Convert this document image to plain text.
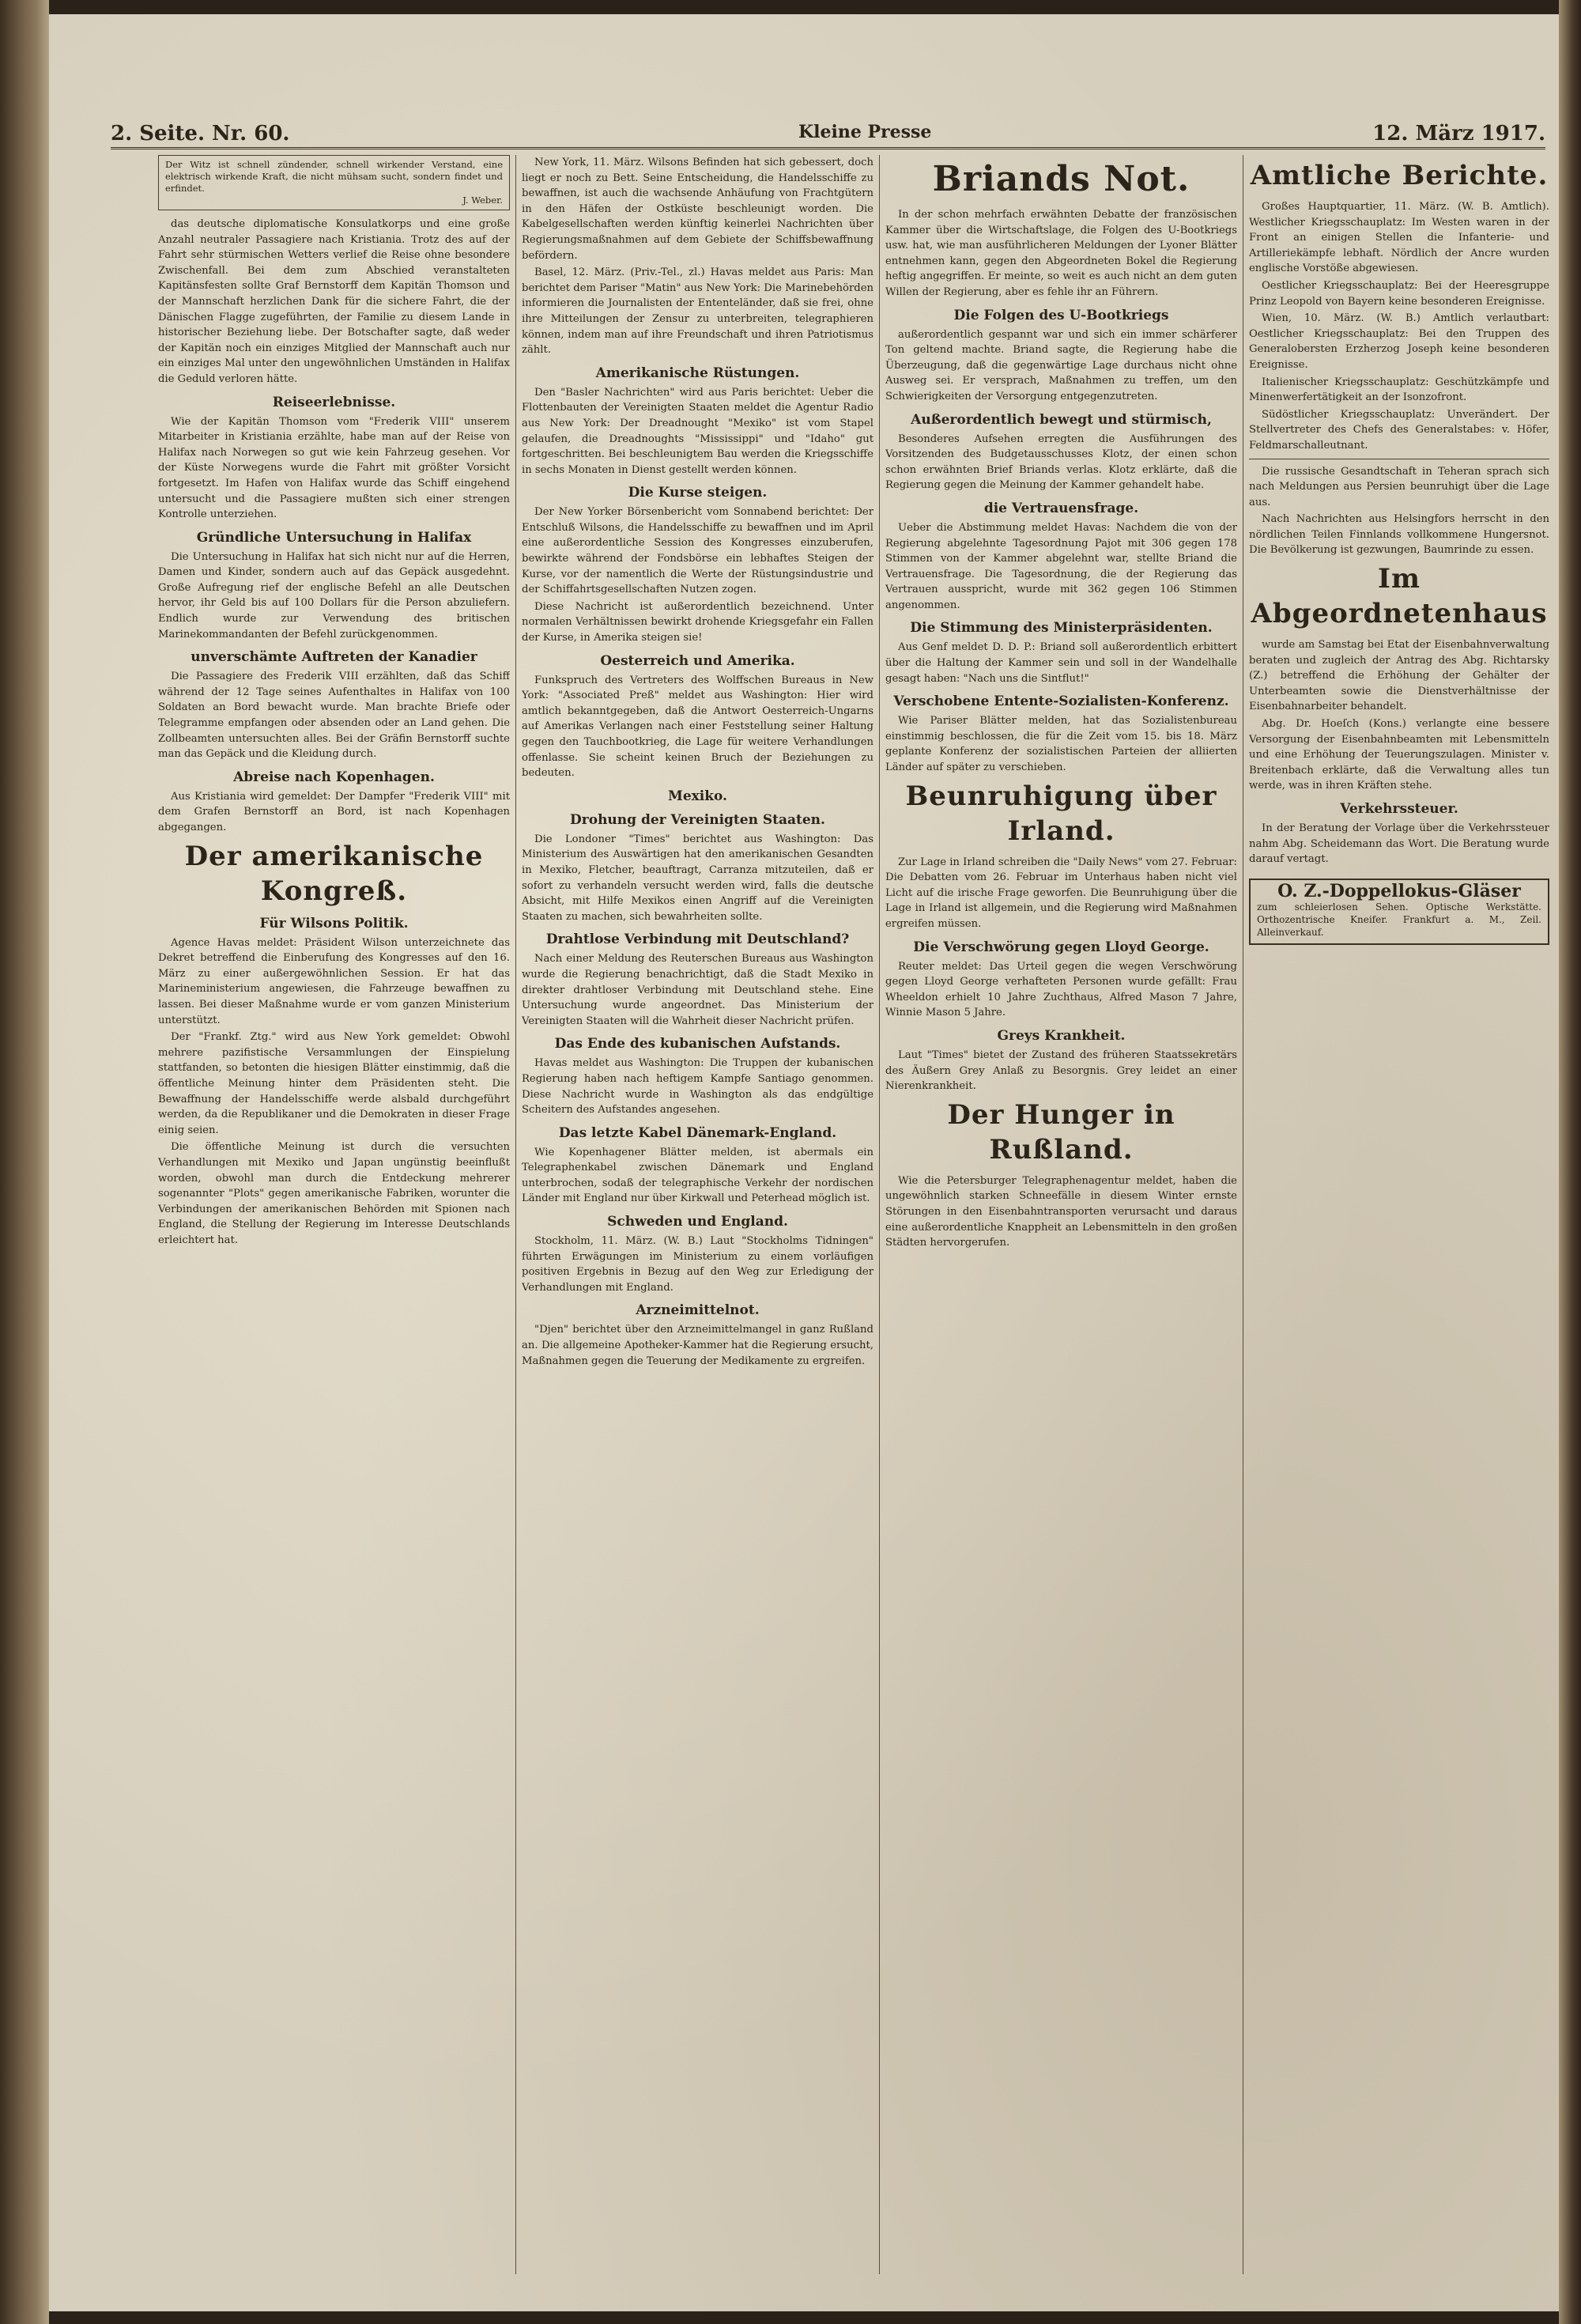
2. Seite. Nr. 60.	Kleine Presse	12. März 1917.
Der Witz ist schnell zündender, schnell wirkender Verstand, eine elektrisch wirkende Kraft, die nicht mühsam sucht, sondern findet und erfindet.
J. Weber.

das deutsche diplomatische Konsulatkorps und eine große Anzahl neutraler Passagiere nach Kristiania. Trotz des auf der Fahrt sehr stürmischen Wetters verlief die Reise ohne besondere Zwischenfall. Bei dem zum Abschied veranstalteten Kapitänsfesten sollte Graf Bernstorff dem Kapitän Thomson und der Mannschaft herzlichen Dank für die sichere Fahrt, die der Dänischen Flagge zugeführten, der Familie zu diesem Lande in historischer Beziehung liebe. Der Botschafter sagte, daß weder der Kapitän noch ein einziges Mitglied der Mannschaft auch nur ein einziges Mal unter den ungewöhnlichen Umständen in Halifax die Geduld verloren hätte.

Reiseerlebnisse.

Wie der Kapitän Thomson vom "Frederik VIII" unserem Mitarbeiter in Kristiania erzählte, habe man auf der Reise von Halifax nach Norwegen so gut wie kein Fahrzeug gesehen. Vor der Küste Norwegens wurde die Fahrt mit größter Vorsicht fortgesetzt. Im Hafen von Halifax wurde das Schiff eingehend untersucht und die Passagiere mußten sich einer strengen Kontrolle unterziehen.

Gründliche Untersuchung in Halifax

Die Untersuchung in Halifax hat sich nicht nur auf die Herren, Damen und Kinder, sondern auch auf das Gepäck ausgedehnt. Große Aufregung rief der englische Befehl an alle Deutschen hervor, ihr Geld bis auf 100 Dollars für die Person abzuliefern. Endlich wurde zur Verwendung des britischen Marinekommandanten der Befehl zurückgenommen.

unverschämte Auftreten der Kanadier

Die Passagiere des Frederik VIII erzählten, daß das Schiff während der 12 Tage seines Aufenthaltes in Halifax von 100 Soldaten an Bord bewacht wurde. Man brachte Briefe oder Telegramme empfangen oder absenden oder an Land gehen. Die Zollbeamten untersuchten alles. Bei der Gräfin Bernstorff suchte man das Gepäck und die Kleidung durch.

Abreise nach Kopenhagen.

Aus Kristiania wird gemeldet: Der Dampfer "Frederik VIII" mit dem Grafen Bernstorff an Bord, ist nach Kopenhagen abgegangen.

Der amerikanische Kongreß.
Für Wilsons Politik.

Agence Havas meldet: Präsident Wilson unterzeichnete das Dekret betreffend die Einberufung des Kongresses auf den 16. März zu einer außergewöhnlichen Session. Er hat das Marineministerium angewiesen, die Fahrzeuge bewaffnen zu lassen. Bei dieser Maßnahme wurde er vom ganzen Ministerium unterstützt.

Der "Frankf. Ztg." wird aus New York gemeldet: Obwohl mehrere pazifistische Versammlungen der Einspielung stattfanden, so betonten die hiesigen Blätter einstimmig, daß die öffentliche Meinung hinter dem Präsidenten steht. Die Bewaffnung der Handelsschiffe werde alsbald durchgeführt werden, da die Republikaner und die Demokraten in dieser Frage einig seien.

Die öffentliche Meinung ist durch die versuchten Verhandlungen mit Mexiko und Japan ungünstig beeinflußt worden, obwohl man durch die Entdeckung mehrerer sogenannter "Plots" gegen amerikanische Fabriken, worunter die Verbindungen der amerikanischen Behörden mit Spionen nach England, die Stellung der Regierung im Interesse Deutschlands erleichtert hat.

New York, 11. März. Wilsons Befinden hat sich gebessert, doch liegt er noch zu Bett. Seine Entscheidung, die Handelsschiffe zu bewaffnen, ist auch die wachsende Anhäufung von Frachtgütern in den Häfen der Ostküste beschleunigt worden. Die Kabelgesellschaften werden künftig keinerlei Nachrichten über Regierungsmaßnahmen auf dem Gebiete der Schiffsbewaffnung befördern.

Basel, 12. März. (Priv.-Tel., zl.) Havas meldet aus Paris: Man berichtet dem Pariser "Matin" aus New York: Die Marinebehörden informieren die Journalisten der Ententeländer, daß sie frei, ohne ihre Mitteilungen der Zensur zu unterbreiten, telegraphieren können, indem man auf ihre Freundschaft und ihren Patriotismus zählt.

Amerikanische Rüstungen.

Den "Basler Nachrichten" wird aus Paris berichtet: Ueber die Flottenbauten der Vereinigten Staaten meldet die Agentur Radio aus New York: Der Dreadnought "Mexiko" ist vom Stapel gelaufen, die Dreadnoughts "Mississippi" und "Idaho" gut fortgeschritten. Bei beschleunigtem Bau werden die Kriegsschiffe in sechs Monaten in Dienst gestellt werden können.

Die Kurse steigen.

Der New Yorker Börsenbericht vom Sonnabend berichtet: Der Entschluß Wilsons, die Handelsschiffe zu bewaffnen und im April eine außerordentliche Session des Kongresses einzuberufen, bewirkte während der Fondsbörse ein lebhaftes Steigen der Kurse, vor der namentlich die Werte der Rüstungsindustrie und der Schiffahrtsgesellschaften Nutzen zogen.

Diese Nachricht ist außerordentlich bezeichnend. Unter normalen Verhältnissen bewirkt drohende Kriegsgefahr ein Fallen der Kurse, in Amerika steigen sie!

Oesterreich und Amerika.

Funkspruch des Vertreters des Wolffschen Bureaus in New York: "Associated Preß" meldet aus Washington: Hier wird amtlich bekanntgegeben, daß die Antwort Oesterreich-Ungarns auf Amerikas Verlangen nach einer Feststellung seiner Haltung gegen den Tauchbootkrieg, die Lage für weitere Verhandlungen offenlasse. Sie scheint keinen Bruch der Beziehungen zu bedeuten.

Mexiko.
Drohung der Vereinigten Staaten.

Die Londoner "Times" berichtet aus Washington: Das Ministerium des Auswärtigen hat den amerikanischen Gesandten in Mexiko, Fletcher, beauftragt, Carranza mitzuteilen, daß er sofort zu verhandeln versucht werden wird, falls die deutsche Absicht, mit Hilfe Mexikos einen Angriff auf die Vereinigten Staaten zu machen, sich bewahrheiten sollte.

Drahtlose Verbindung mit Deutschland?

Nach einer Meldung des Reuterschen Bureaus aus Washington wurde die Regierung benachrichtigt, daß die Stadt Mexiko in direkter drahtloser Verbindung mit Deutschland stehe. Eine Untersuchung wurde angeordnet. Das Ministerium der Vereinigten Staaten will die Wahrheit dieser Nachricht prüfen.

Das Ende des kubanischen Aufstands.

Havas meldet aus Washington: Die Truppen der kubanischen Regierung haben nach heftigem Kampfe Santiago genommen. Diese Nachricht wurde in Washington als das endgültige Scheitern des Aufstandes angesehen.

Das letzte Kabel Dänemark-England.

Wie Kopenhagener Blätter melden, ist abermals ein Telegraphenkabel zwischen Dänemark und England unterbrochen, sodaß der telegraphische Verkehr der nordischen Länder mit England nur über Kirkwall und Peterhead möglich ist.

Schweden und England.

Stockholm, 11. März. (W. B.) Laut "Stockholms Tidningen" führten Erwägungen im Ministerium zu einem vorläufigen positiven Ergebnis in Bezug auf den Weg zur Erledigung der Verhandlungen mit England.

Arzneimittelnot.

"Djen" berichtet über den Arzneimittelmangel in ganz Rußland an. Die allgemeine Apotheker-Kammer hat die Regierung ersucht, Maßnahmen gegen die Teuerung der Medikamente zu ergreifen.

Briands Not.

In der schon mehrfach erwähnten Debatte der französischen Kammer über die Wirtschaftslage, die Folgen des U-Bootkriegs usw. hat, wie man ausführlicheren Meldungen der Lyoner Blätter entnehmen kann, gegen den Abgeordneten Bokel die Regierung heftig angegriffen. Er meinte, so weit es auch nicht an dem guten Willen der Regierung, aber es fehle ihr an Führern.

Die Folgen des U-Bootkriegs

außerordentlich gespannt war und sich ein immer schärferer Ton geltend machte. Briand sagte, die Regierung habe die Überzeugung, daß die gegenwärtige Lage durchaus nicht ohne Ausweg sei. Er versprach, Maßnahmen zu treffen, um den Schwierigkeiten der Versorgung entgegenzutreten.

Außerordentlich bewegt und stürmisch,

Besonderes Aufsehen erregten die Ausführungen des Vorsitzenden des Budgetausschusses Klotz, der einen schon schon erwähnten Brief Briands verlas. Klotz erklärte, daß die Regierung gegen die Meinung der Kammer gehandelt habe.

die Vertrauensfrage.

Ueber die Abstimmung meldet Havas: Nachdem die von der Regierung abgelehnte Tagesordnung Pajot mit 306 gegen 178 Stimmen von der Kammer abgelehnt war, stellte Briand die Vertrauensfrage. Die Tagesordnung, die der Regierung das Vertrauen ausspricht, wurde mit 362 gegen 106 Stimmen angenommen.

Die Stimmung des Ministerpräsidenten.

Aus Genf meldet D. D. P.: Briand soll außerordentlich erbittert über die Haltung der Kammer sein und soll in der Wandelhalle gesagt haben: "Nach uns die Sintflut!"

Verschobene Entente-Sozialisten-Konferenz.

Wie Pariser Blätter melden, hat das Sozialistenbureau einstimmig beschlossen, die für die Zeit vom 15. bis 18. März geplante Konferenz der sozialistischen Parteien der alliierten Länder auf später zu verschieben.

Beunruhigung über Irland.

Zur Lage in Irland schreiben die "Daily News" vom 27. Februar: Die Debatten vom 26. Februar im Unterhaus haben nicht viel Licht auf die irische Frage geworfen. Die Beunruhigung über die Lage in Irland ist allgemein, und die Regierung wird Maßnahmen ergreifen müssen.

Die Verschwörung gegen Lloyd George.

Reuter meldet: Das Urteil gegen die wegen Verschwörung gegen Lloyd George verhafteten Personen wurde gefällt: Frau Wheeldon erhielt 10 Jahre Zuchthaus, Alfred Mason 7 Jahre, Winnie Mason 5 Jahre.

Greys Krankheit.

Laut "Times" bietet der Zustand des früheren Staatssekretärs des Äußern Grey Anlaß zu Besorgnis. Grey leidet an einer Nierenkrankheit.

Der Hunger in Rußland.

Wie die Petersburger Telegraphenagentur meldet, haben die ungewöhnlich starken Schneefälle in diesem Winter ernste Störungen in den Eisenbahntransporten verursacht und daraus eine außerordentliche Knappheit an Lebensmitteln in den großen Städten hervorgerufen.

Amtliche Berichte.

Großes Hauptquartier, 11. März. (W. B. Amtlich). Westlicher Kriegsschauplatz: Im Westen waren in der Front an einigen Stellen die Infanterie- und Artilleriekämpfe lebhaft. Nördlich der Ancre wurden englische Vorstöße abgewiesen.

Oestlicher Kriegsschauplatz: Bei der Heeresgruppe Prinz Leopold von Bayern keine besonderen Ereignisse.

Wien, 10. März. (W. B.) Amtlich verlautbart: Oestlicher Kriegsschauplatz: Bei den Truppen des Generalobersten Erzherzog Joseph keine besonderen Ereignisse.

Italienischer Kriegsschauplatz: Geschützkämpfe und Minenwerfertätigkeit an der Isonzofront.

Südöstlicher Kriegsschauplatz: Unverändert. Der Stellvertreter des Chefs des Generalstabes: v. Höfer, Feldmarschalleutnant.

Die russische Gesandtschaft in Teheran sprach sich nach Meldungen aus Persien beunruhigt über die Lage aus.

Nach Nachrichten aus Helsingfors herrscht in den nördlichen Teilen Finnlands vollkommene Hungersnot. Die Bevölkerung ist gezwungen, Baumrinde zu essen.

Im Abgeordnetenhaus

wurde am Samstag bei Etat der Eisenbahnverwaltung beraten und zugleich der Antrag des Abg. Richtarsky (Z.) betreffend die Erhöhung der Gehälter der Unterbeamten sowie die Dienstverhältnisse der Eisenbahnarbeiter behandelt.

Abg. Dr. Hoeſch (Kons.) verlangte eine bessere Versorgung der Eisenbahnbeamten mit Lebensmitteln und eine Erhöhung der Teuerungszulagen. Minister v. Breitenbach erklärte, daß die Verwaltung alles tun werde, was in ihren Kräften stehe.

Verkehrssteuer.

In der Beratung der Vorlage über die Verkehrssteuer nahm Abg. Scheidemann das Wort. Die Beratung wurde darauf vertagt.

O. Z.-Doppellokus-Gläser
zum schleierlosen Sehen. Optische Werkstätte. Orthozentrische Kneifer. Frankfurt a. M., Zeil. Alleinverkauf.
